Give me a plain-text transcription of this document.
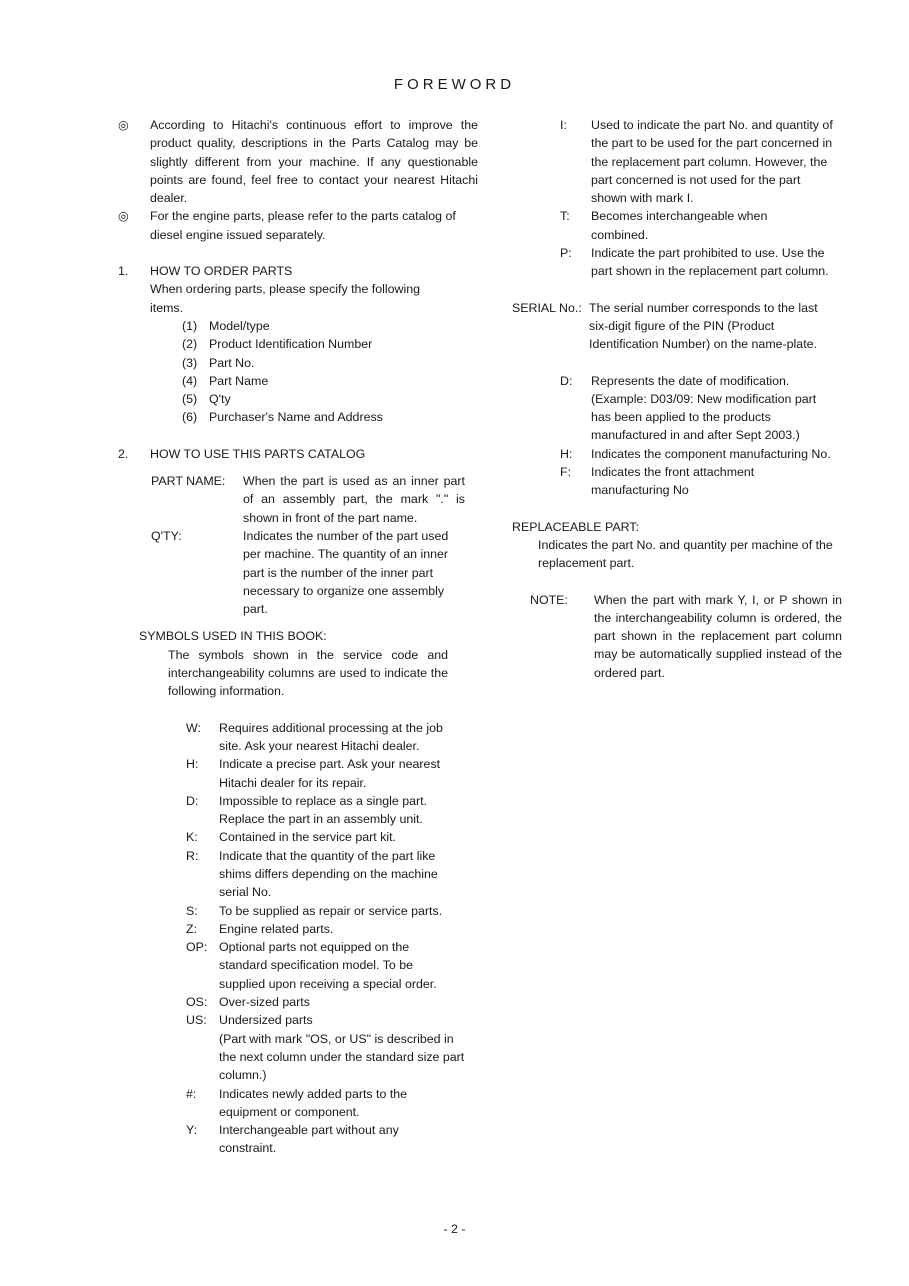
FOREWORD
◎	According to Hitachi's continuous effort to improve the product quality, descriptions in the Parts Catalog may be slightly different from your machine. If any questionable points are found, feel free to contact your nearest Hitachi dealer.
◎	For the engine parts, please refer to the parts catalog of diesel engine issued separately.
1.	HOW TO ORDER PARTS
When ordering parts, please specify the following items.
(1) Model/type
(2) Product Identification Number
(3) Part No.
(4) Part Name
(5) Q'ty
(6) Purchaser's Name and Address
2.	HOW TO USE THIS PARTS CATALOG
PART NAME:	When the part is used as an inner part of an assembly part, the mark "." is shown in front of the part name.
Q'TY:	Indicates the number of the part used per machine. The quantity of an inner part is the number of the inner part necessary to organize one assembly part.
SYMBOLS USED IN THIS BOOK:
The symbols shown in the service code and interchangeability columns are used to indicate the following information.
W:	Requires additional processing at the job site. Ask your nearest Hitachi dealer.
H:	Indicate a precise part. Ask your nearest Hitachi dealer for its repair.
D:	Impossible to replace as a single part. Replace the part in an assembly unit.
K:	Contained in the service part kit.
R:	Indicate that the quantity of the part like shims differs depending on the machine serial No.
S:	To be supplied as repair or service parts.
Z:	Engine related parts.
OP: Optional parts not equipped on the standard specification model. To be supplied upon receiving a special order.
OS: Over-sized parts
US: Undersized parts
(Part with mark "OS, or US" is described in the next column under the standard size part column.)
#:	Indicates newly added parts to the equipment or component.
Y:	Interchangeable part without any constraint.
I:	Used to indicate the part No. and quantity of the part to be used for the part concerned in the replacement part column. However, the part concerned is not used for the part shown with mark I.
T:	Becomes interchangeable when combined.
P:	Indicate the part prohibited to use. Use the part shown in the replacement part column.
SERIAL No.: The serial number corresponds to the last six-digit figure of the PIN (Product Identification Number) on the name-plate.
D:	Represents the date of modification. (Example: D03/09: New modification part has been applied to the products manufactured in and after Sept 2003.)
H:	Indicates the component manufacturing No.
F:	Indicates the front attachment manufacturing No
REPLACEABLE PART:
Indicates the part No. and quantity per machine of the replacement part.
NOTE:	When the part with mark Y, I, or P shown in the interchangeability column is ordered, the part shown in the replacement part column may be automatically supplied instead of the ordered part.
- 2 -
